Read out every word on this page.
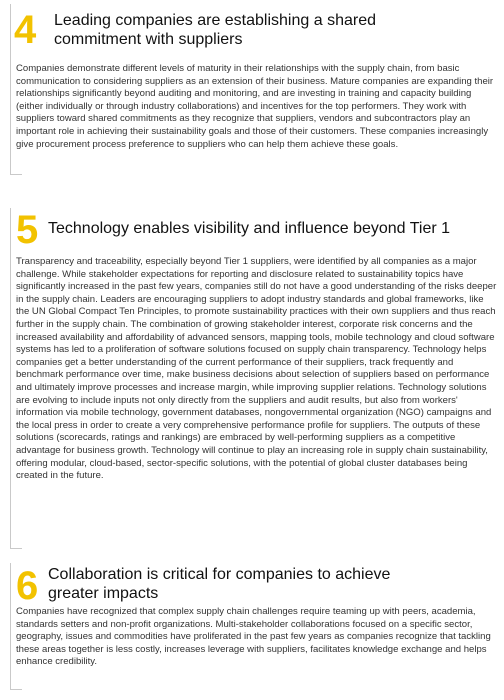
4 Leading companies are establishing a shared commitment with suppliers
Companies demonstrate different levels of maturity in their relationships with the supply chain, from basic communication to considering suppliers as an extension of their business. Mature companies are expanding their relationships significantly beyond auditing and monitoring, and are investing in training and capacity building (either individually or through industry collaborations) and incentives for the top performers. They work with suppliers toward shared commitments as they recognize that suppliers, vendors and subcontractors play an important role in achieving their sustainability goals and those of their customers. These companies increasingly give procurement process preference to suppliers who can help them achieve these goals.
5 Technology enables visibility and influence beyond Tier 1
Transparency and traceability, especially beyond Tier 1 suppliers, were identified by all companies as a major challenge. While stakeholder expectations for reporting and disclosure related to sustainability topics have significantly increased in the past few years, companies still do not have a good understanding of the risks deeper in the supply chain. Leaders are encouraging suppliers to adopt industry standards and global frameworks, like the UN Global Compact Ten Principles, to promote sustainability practices with their own suppliers and thus reach further in the supply chain. The combination of growing stakeholder interest, corporate risk concerns and the increased availability and affordability of advanced sensors, mapping tools, mobile technology and cloud software systems has led to a proliferation of software solutions focused on supply chain transparency. Technology helps companies get a better understanding of the current performance of their suppliers, track frequently and benchmark performance over time, make business decisions about selection of suppliers based on performance and ultimately improve processes and increase margin, while improving supplier relations. Technology solutions are evolving to include inputs not only directly from the suppliers and audit results, but also from workers' information via mobile technology, government databases, nongovernmental organization (NGO) campaigns and the local press in order to create a very comprehensive performance profile for suppliers. The outputs of these solutions (scorecards, ratings and rankings) are embraced by well-performing suppliers as a competitive advantage for business growth. Technology will continue to play an increasing role in supply chain sustainability, offering modular, cloud-based, sector-specific solutions, with the potential of global cluster databases being created in the future.
6 Collaboration is critical for companies to achieve greater impacts
Companies have recognized that complex supply chain challenges require teaming up with peers, academia, standards setters and non-profit organizations. Multi-stakeholder collaborations focused on a specific sector, geography, issues and commodities have proliferated in the past few years as companies recognize that tackling these areas together is less costly, increases leverage with suppliers, facilitates knowledge exchange and helps enhance credibility.
